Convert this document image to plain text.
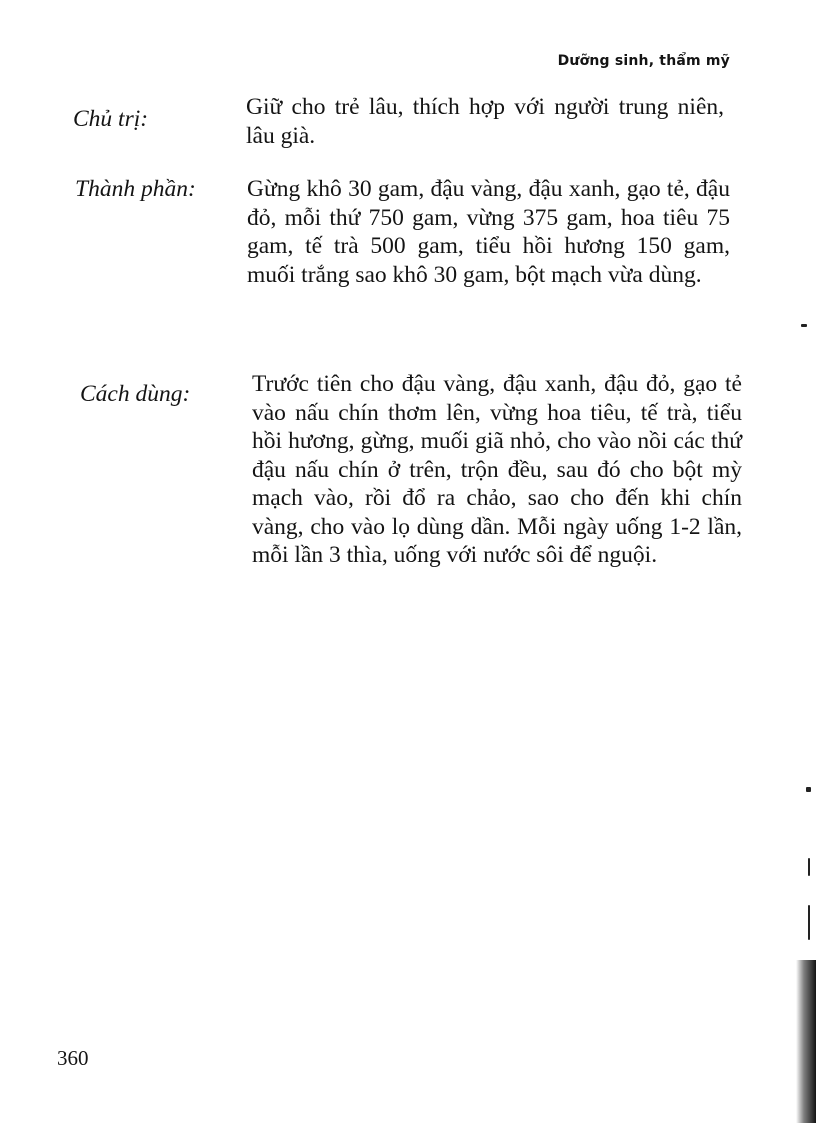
Dưỡng sinh, thẩm mỹ
Chủ trị:	Giữ cho trẻ lâu, thích hợp với người trung niên, lâu già.
Thành phần: Gừng khô 30 gam, đậu vàng, đậu xanh, gạo tẻ, đậu đỏ, mỗi thứ 750 gam, vừng 375 gam, hoa tiêu 75 gam, tế trà 500 gam, tiểu hồi hương 150 gam, muối trắng sao khô 30 gam, bột mạch vừa dùng.
Cách dùng:	Trước tiên cho đậu vàng, đậu xanh, đậu đỏ, gạo tẻ vào nấu chín thơm lên, vừng hoa tiêu, tế trà, tiểu hồi hương, gừng, muối giã nhỏ, cho vào nồi các thứ đậu nấu chín ở trên, trộn đều, sau đó cho bột mỳ mạch vào, rồi đổ ra chảo, sao cho đến khi chín vàng, cho vào lọ dùng dần. Mỗi ngày uống 1-2 lần, mỗi lần 3 thìa, uống với nước sôi để nguội.

360
